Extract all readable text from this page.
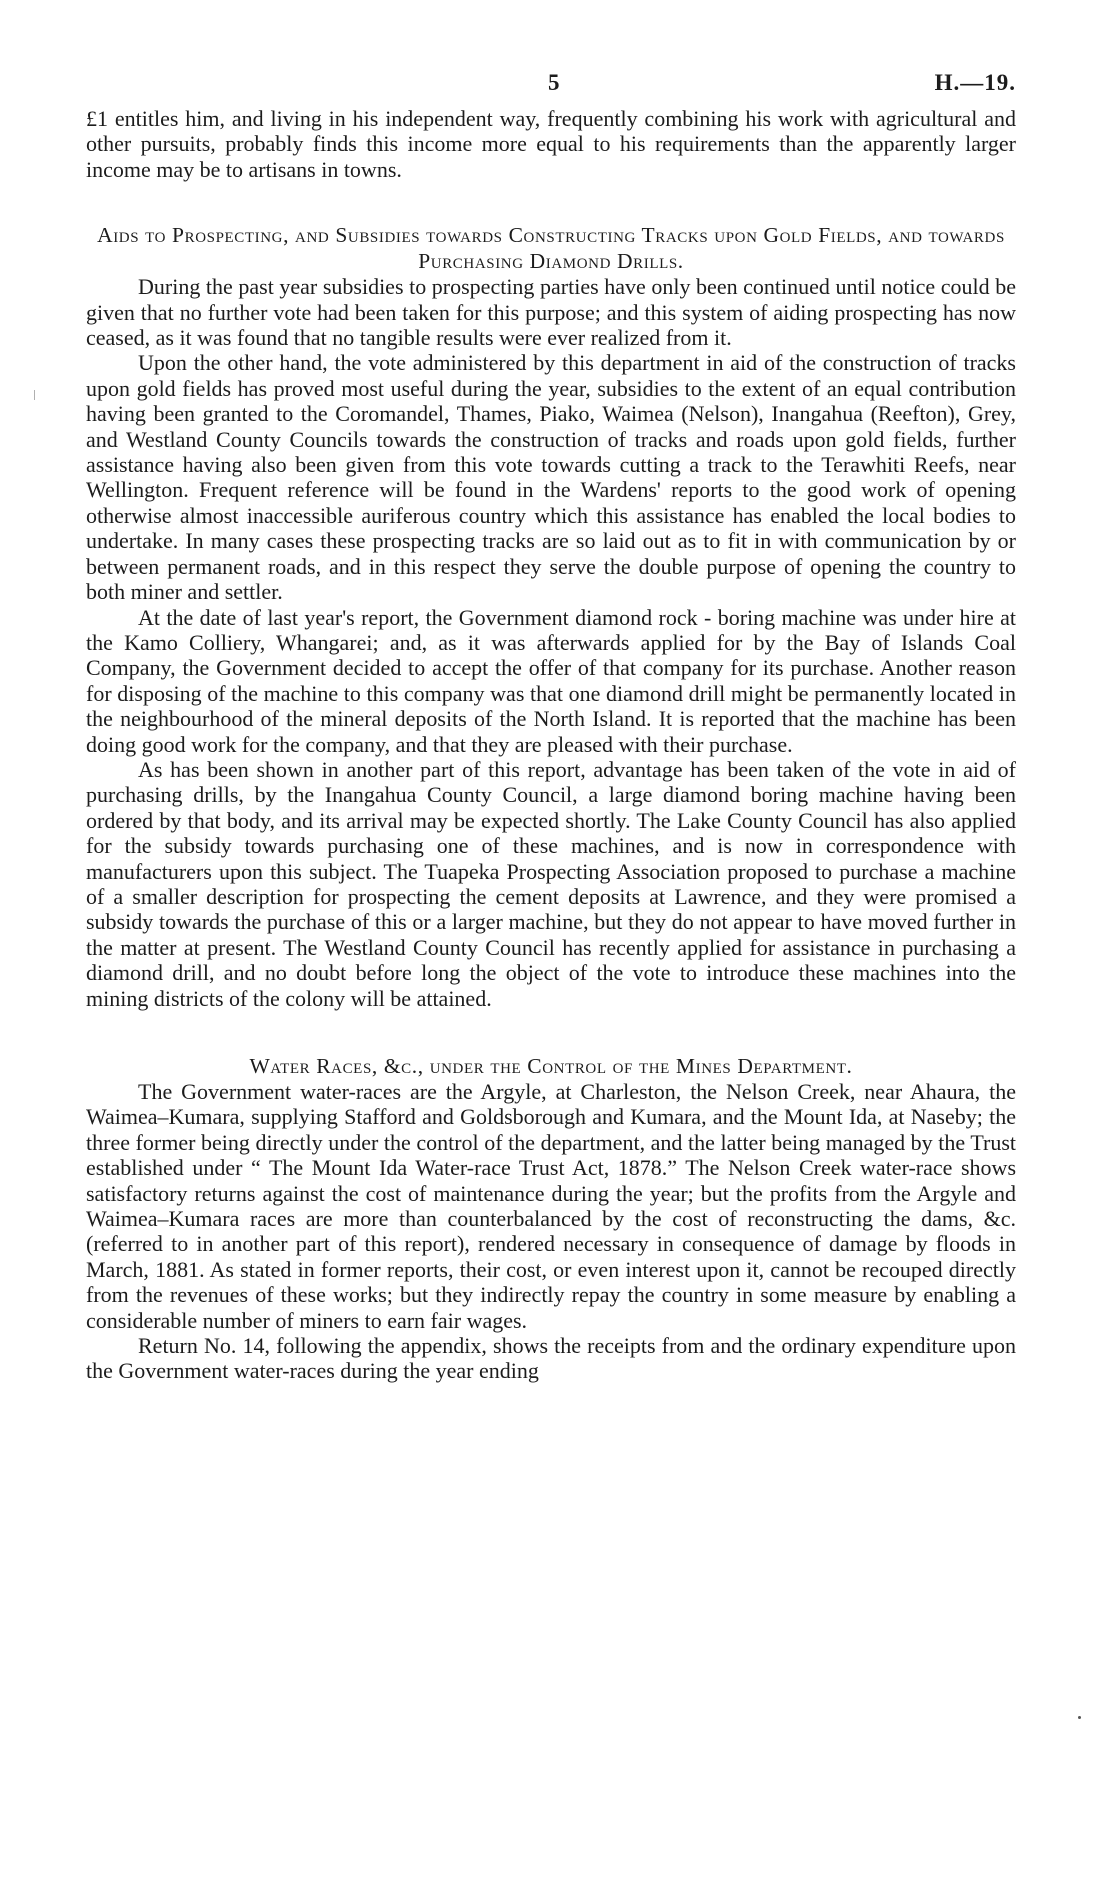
5	H.—19.

£1 entitles him, and living in his independent way, frequently combining his work with agricultural and other pursuits, probably finds this income more equal to his requirements than the apparently larger income may be to artisans in towns.

Aids to Prospecting, and Subsidies towards Constructing Tracks upon Gold Fields, and towards Purchasing Diamond Drills.

During the past year subsidies to prospecting parties have only been continued until notice could be given that no further vote had been taken for this purpose; and this system of aiding prospecting has now ceased, as it was found that no tangible results were ever realized from it.

Upon the other hand, the vote administered by this department in aid of the construction of tracks upon gold fields has proved most useful during the year, subsidies to the extent of an equal contribution having been granted to the Coromandel, Thames, Piako, Waimea (Nelson), Inangahua (Reefton), Grey, and Westland County Councils towards the construction of tracks and roads upon gold fields, further assistance having also been given from this vote towards cutting a track to the Terawhiti Reefs, near Wellington. Frequent reference will be found in the Wardens' reports to the good work of opening otherwise almost inaccessible auriferous country which this assistance has enabled the local bodies to undertake. In many cases these prospecting tracks are so laid out as to fit in with communication by or between permanent roads, and in this respect they serve the double purpose of opening the country to both miner and settler.

At the date of last year's report, the Government diamond rock - boring machine was under hire at the Kamo Colliery, Whangarei; and, as it was afterwards applied for by the Bay of Islands Coal Company, the Government decided to accept the offer of that company for its purchase. Another reason for disposing of the machine to this company was that one diamond drill might be permanently located in the neighbourhood of the mineral deposits of the North Island. It is reported that the machine has been doing good work for the company, and that they are pleased with their purchase.

As has been shown in another part of this report, advantage has been taken of the vote in aid of purchasing drills, by the Inangahua County Council, a large diamond boring machine having been ordered by that body, and its arrival may be expected shortly. The Lake County Council has also applied for the subsidy towards purchasing one of these machines, and is now in correspondence with manufacturers upon this subject. The Tuapeka Prospecting Association proposed to purchase a machine of a smaller description for prospecting the cement deposits at Lawrence, and they were promised a subsidy towards the purchase of this or a larger machine, but they do not appear to have moved further in the matter at present. The Westland County Council has recently applied for assistance in purchasing a diamond drill, and no doubt before long the object of the vote to introduce these machines into the mining districts of the colony will be attained.

Water Races, &c., under the Control of the Mines Department.

The Government water-races are the Argyle, at Charleston, the Nelson Creek, near Ahaura, the Waimea–Kumara, supplying Stafford and Goldsborough and Kumara, and the Mount Ida, at Naseby; the three former being directly under the control of the department, and the latter being managed by the Trust established under “ The Mount Ida Water-race Trust Act, 1878.” The Nelson Creek water-race shows satisfactory returns against the cost of maintenance during the year; but the profits from the Argyle and Waimea–Kumara races are more than counterbalanced by the cost of reconstructing the dams, &c. (referred to in another part of this report), rendered necessary in consequence of damage by floods in March, 1881. As stated in former reports, their cost, or even interest upon it, cannot be recouped directly from the revenues of these works; but they indirectly repay the country in some measure by enabling a considerable number of miners to earn fair wages.

Return No. 14, following the appendix, shows the receipts from and the ordinary expenditure upon the Government water-races during the year ending
